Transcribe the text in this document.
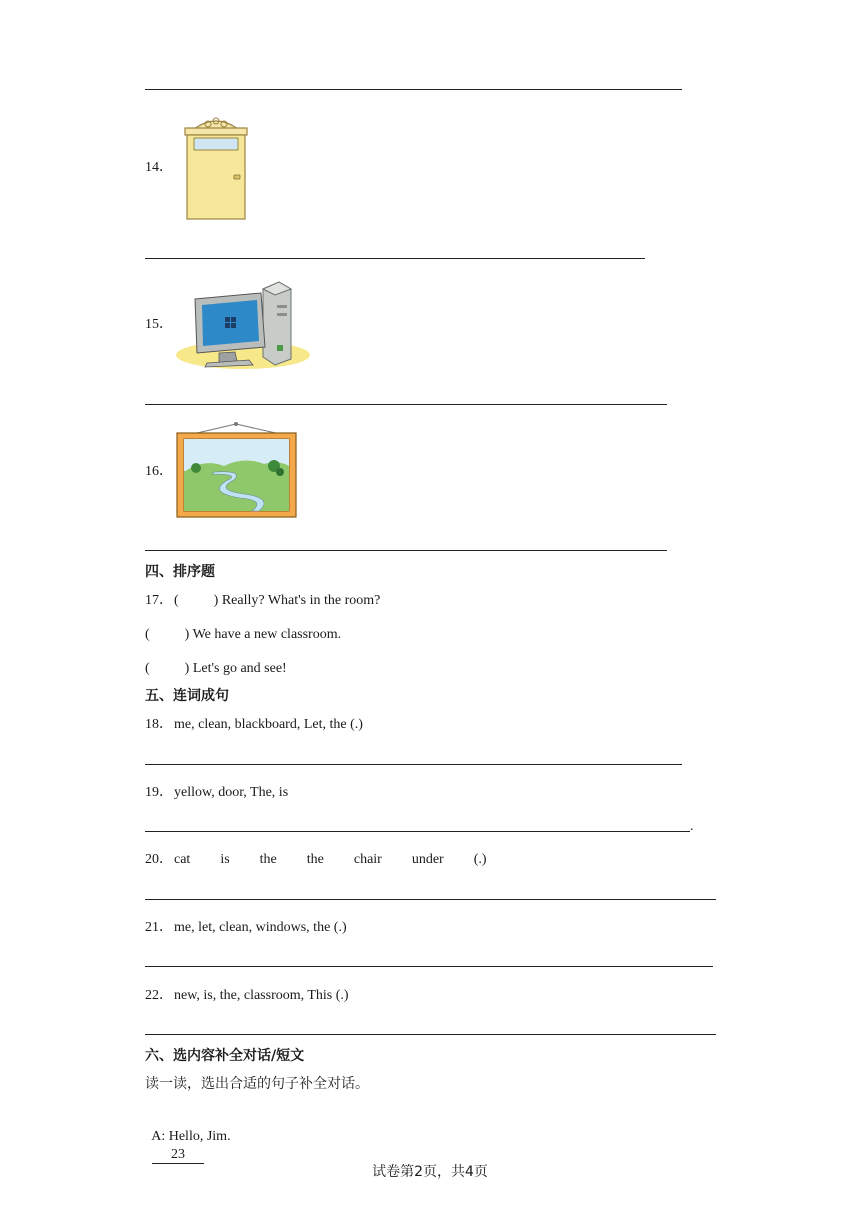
14．
15．
16．
四、排序题
17． (          ) Really? What's in the room?
(          ) We have a new classroom.
(          ) Let's go and see!
五、连词成句
18． me, clean, blackboard, Let, the (.)
19． yellow, door, The, is
.
20． cat    is    the    the    chair    under    (.)
21． me, let, clean, windows, the (.)
22． new, is, the, classroom, This (.)
六、选内容补全对话/短文
读一读，选出合适的句子补全对话。

A: Hello, Jim.
23

试卷第2页，共4页
